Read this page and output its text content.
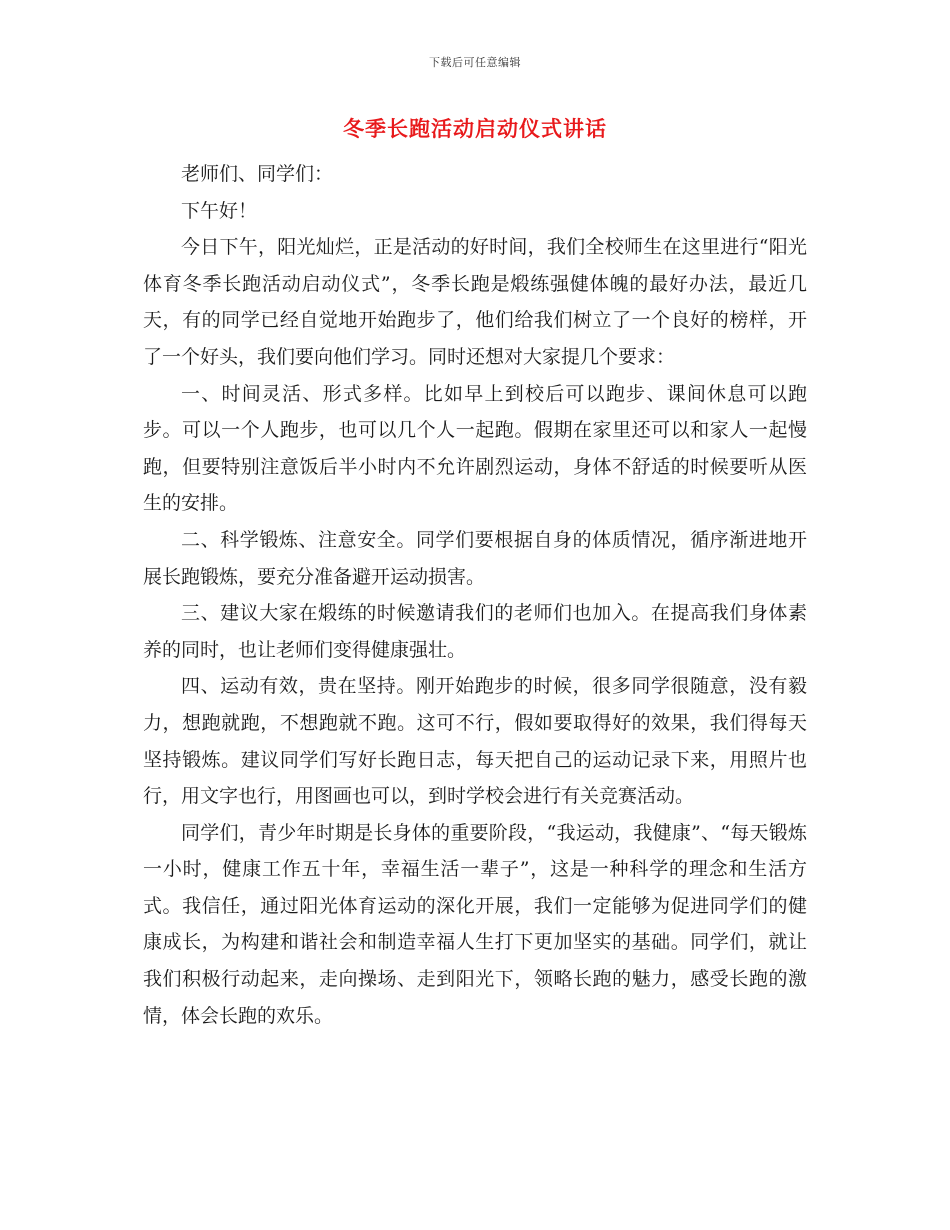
下载后可任意编辑
冬季长跑活动启动仪式讲话

老师们、同学们：

下午好！

今日下午，阳光灿烂，正是活动的好时间，我们全校师生在这里进行“阳光体育冬季长跑活动启动仪式”，冬季长跑是煅练强健体魄的最好办法，最近几天，有的同学已经自觉地开始跑步了，他们给我们树立了一个良好的榜样，开了一个好头，我们要向他们学习。同时还想对大家提几个要求：

一、时间灵活、形式多样。比如早上到校后可以跑步、课间休息可以跑步。可以一个人跑步，也可以几个人一起跑。假期在家里还可以和家人一起慢跑，但要特别注意饭后半小时内不允许剧烈运动，身体不舒适的时候要听从医生的安排。

二、科学锻炼、注意安全。同学们要根据自身的体质情况，循序渐进地开展长跑锻炼，要充分准备避开运动损害。

三、建议大家在煅练的时候邀请我们的老师们也加入。在提高我们身体素养的同时，也让老师们变得健康强壮。

四、运动有效，贵在坚持。刚开始跑步的时候，很多同学很随意，没有毅力，想跑就跑，不想跑就不跑。这可不行，假如要取得好的效果，我们得每天坚持锻炼。建议同学们写好长跑日志，每天把自己的运动记录下来，用照片也行，用文字也行，用图画也可以，到时学校会进行有关竞赛活动。

同学们，青少年时期是长身体的重要阶段，“我运动，我健康”、“每天锻炼一小时，健康工作五十年，幸福生活一辈子”，这是一种科学的理念和生活方式。我信任，通过阳光体育运动的深化开展，我们一定能够为促进同学们的健康成长，为构建和谐社会和制造幸福人生打下更加坚实的基础。同学们，就让我们积极行动起来，走向操场、走到阳光下，领略长跑的魅力，感受长跑的激情，体会长跑的欢乐。
